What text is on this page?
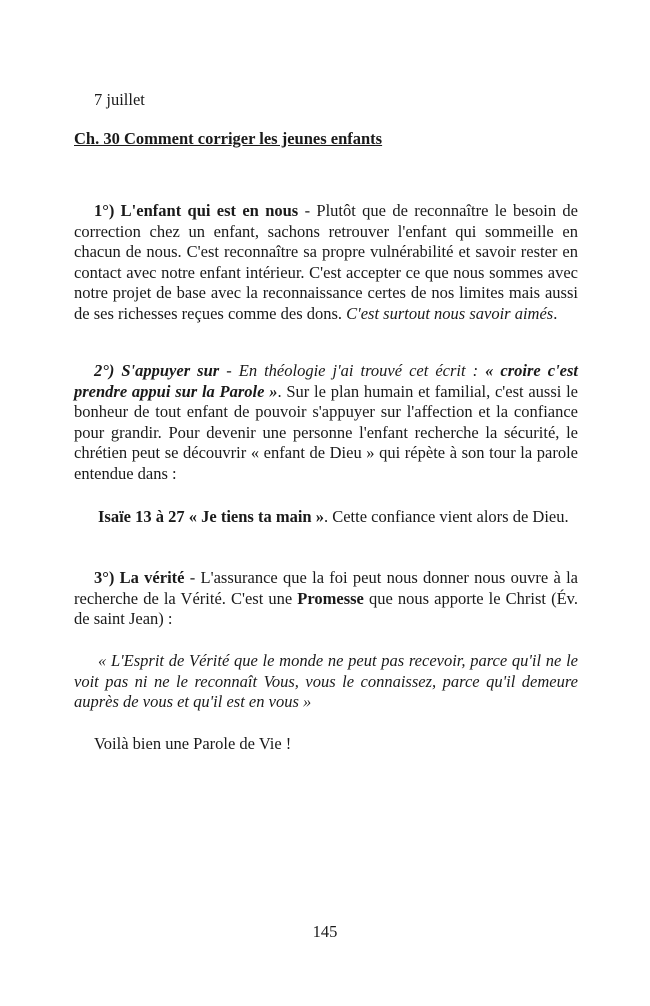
7 juillet
Ch. 30 Comment corriger les jeunes enfants

1°) L'enfant qui est en nous - Plutôt que de reconnaître le besoin de correction chez un enfant, sachons retrouver l'enfant qui sommeille en chacun de nous. C'est reconnaître sa propre vulnérabilité et savoir rester en contact avec notre enfant intérieur. C'est accepter ce que nous sommes avec notre projet de base avec la reconnaissance certes de nos limites mais aussi de ses richesses reçues comme des dons. C'est surtout nous savoir aimés.

2°) S'appuyer sur - En théologie j'ai trouvé cet écrit : « croire c'est prendre appui sur la Parole ». Sur le plan humain et familial, c'est aussi le bonheur de tout enfant de pouvoir s'appuyer sur l'affection et la confiance pour grandir. Pour devenir une personne l'enfant recherche la sécurité, le chrétien peut se découvrir « enfant de Dieu » qui répète à son tour la parole entendue dans :

Isaïe 13 à 27 « Je tiens ta main ». Cette confiance vient alors de Dieu.

3°) La vérité - L'assurance que la foi peut nous donner nous ouvre à la recherche de la Vérité. C'est une Promesse que nous apporte le Christ (Év. de saint Jean) :

« L'Esprit de Vérité que le monde ne peut pas recevoir, parce qu'il ne le voit pas ni ne le reconnaît Vous, vous le connaissez, parce qu'il demeure auprès de vous et qu'il est en vous »

Voilà bien une Parole de Vie !

145
